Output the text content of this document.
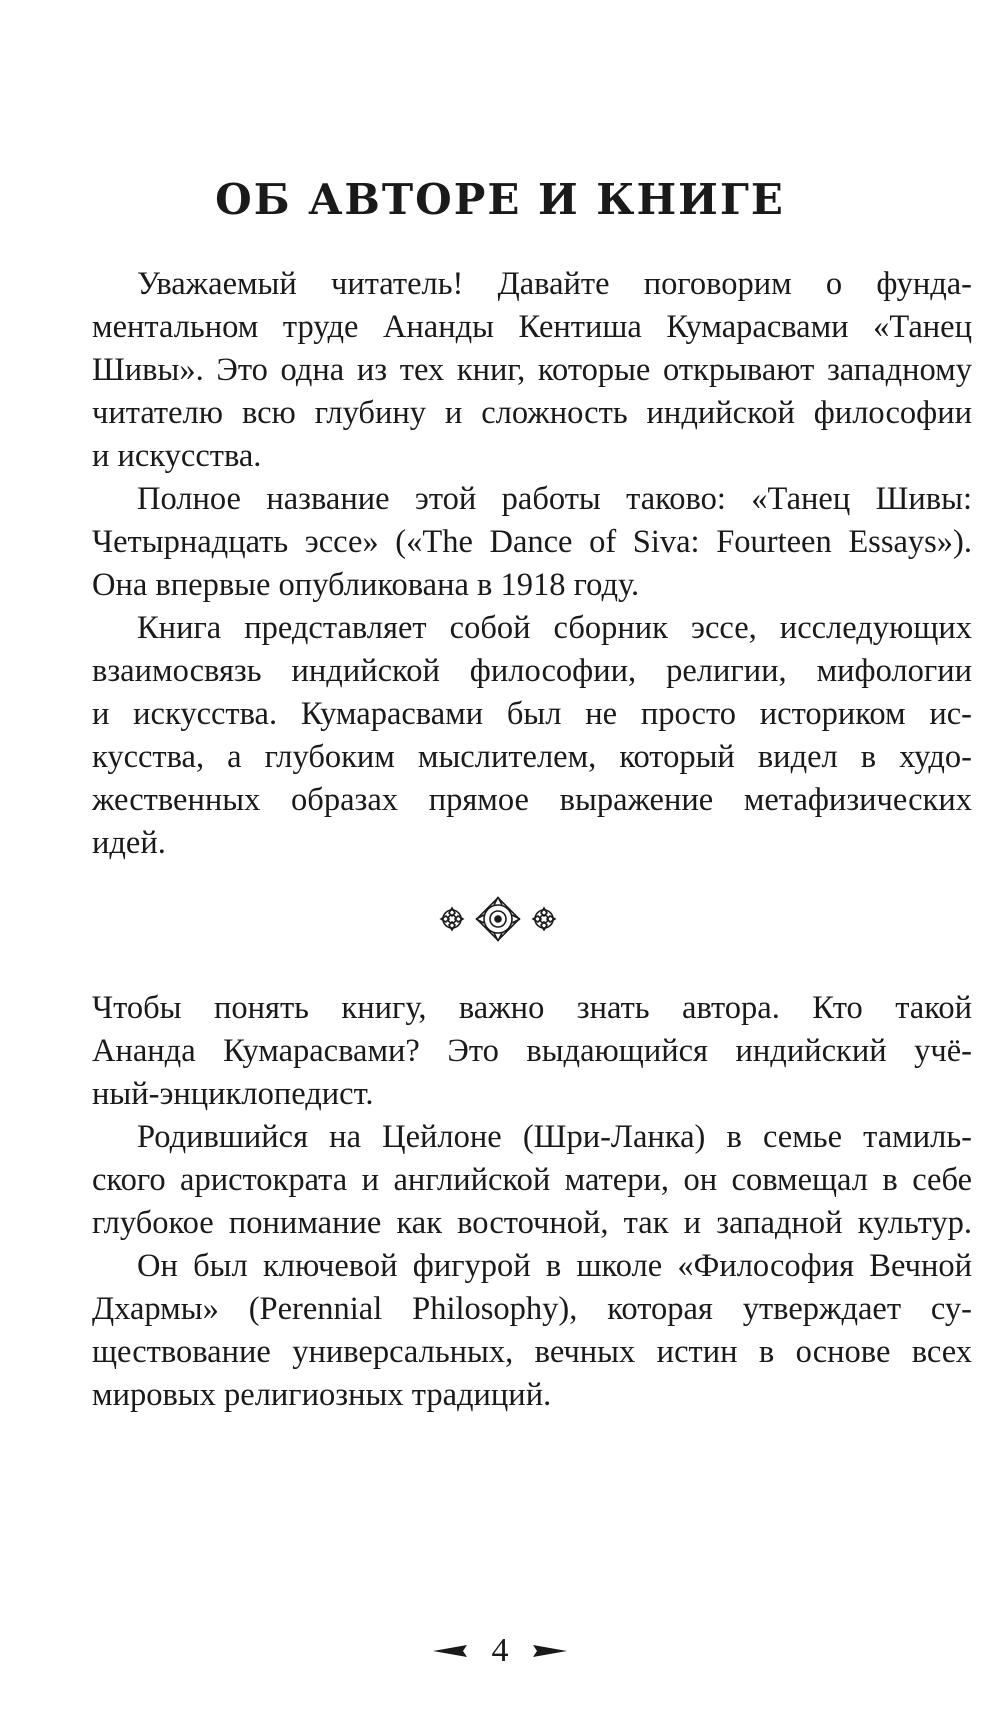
ОБ АВТОРЕ И КНИГЕ

Уважаемый читатель! Давайте поговорим о фунда-
ментальном труде Ананды Кентиша Кумарасвами «Танец
Шивы». Это одна из тех книг, которые открывают западному
читателю всю глубину и сложность индийской философии
и искусства.

Полное название этой работы таково: «Танец Шивы:
Четырнадцать эссе» («The Dance of Siva: Fourteen Essays»).
Она впервые опубликована в 1918 году.

Книга представляет собой сборник эссе, исследующих
взаимосвязь индийской философии, религии, мифологии
и искусства. Кумарасвами был не просто историком ис-
кусства, а глубоким мыслителем, который видел в худо-
жественных образах прямое выражение метафизических
идей.

Чтобы понять книгу, важно знать автора. Кто такой
Ананда Кумарасвами? Это выдающийся индийский учё-
ный-энциклопедист.

Родившийся на Цейлоне (Шри-Ланка) в семье тамиль-
ского аристократа и английской матери, он совмещал в себе
глубокое понимание как восточной, так и западной культур.

Он был ключевой фигурой в школе «Философия Вечной
Дхармы» (Perennial Philosophy), которая утверждает су-
ществование универсальных, вечных истин в основе всех
мировых религиозных традиций.

4
